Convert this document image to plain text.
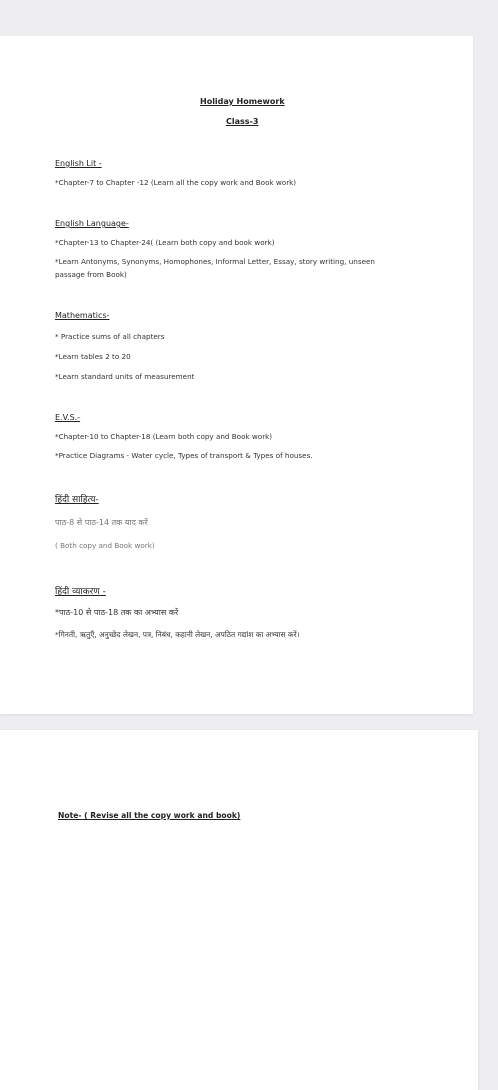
Holiday Homework
Class-3
English Lit -
*Chapter-7 to Chapter -12 (Learn all the copy work and Book work)
English Language-
*Chapter-13 to Chapter-24( (Learn both copy and book work)
*Learn Antonyms, Synonyms, Homophones, Informal Letter, Essay, story writing, unseen
passage from Book)
Mathematics-
* Practice sums of all chapters
*Learn tables 2 to 20
*Learn standard units of measurement
E.V.S.-
*Chapter-10 to Chapter-18 (Learn both copy and Book work)
*Practice Diagrams - Water cycle, Types of transport & Types of houses.
हिंदी साहित्य-
पाठ-8 से पाठ-14 तक याद करें
( Both copy and Book work)
हिंदी व्याकरण -
*पाठ-10 से पाठ-18 तक का अभ्यास करें
*गिनती, ऋतुएँ, अनुच्छेद लेखन, पत्र, निबंध, कहानी लेखन, अपठित गद्यांश का अभ्यास करें।
Note- ( Revise all the copy work and book)
